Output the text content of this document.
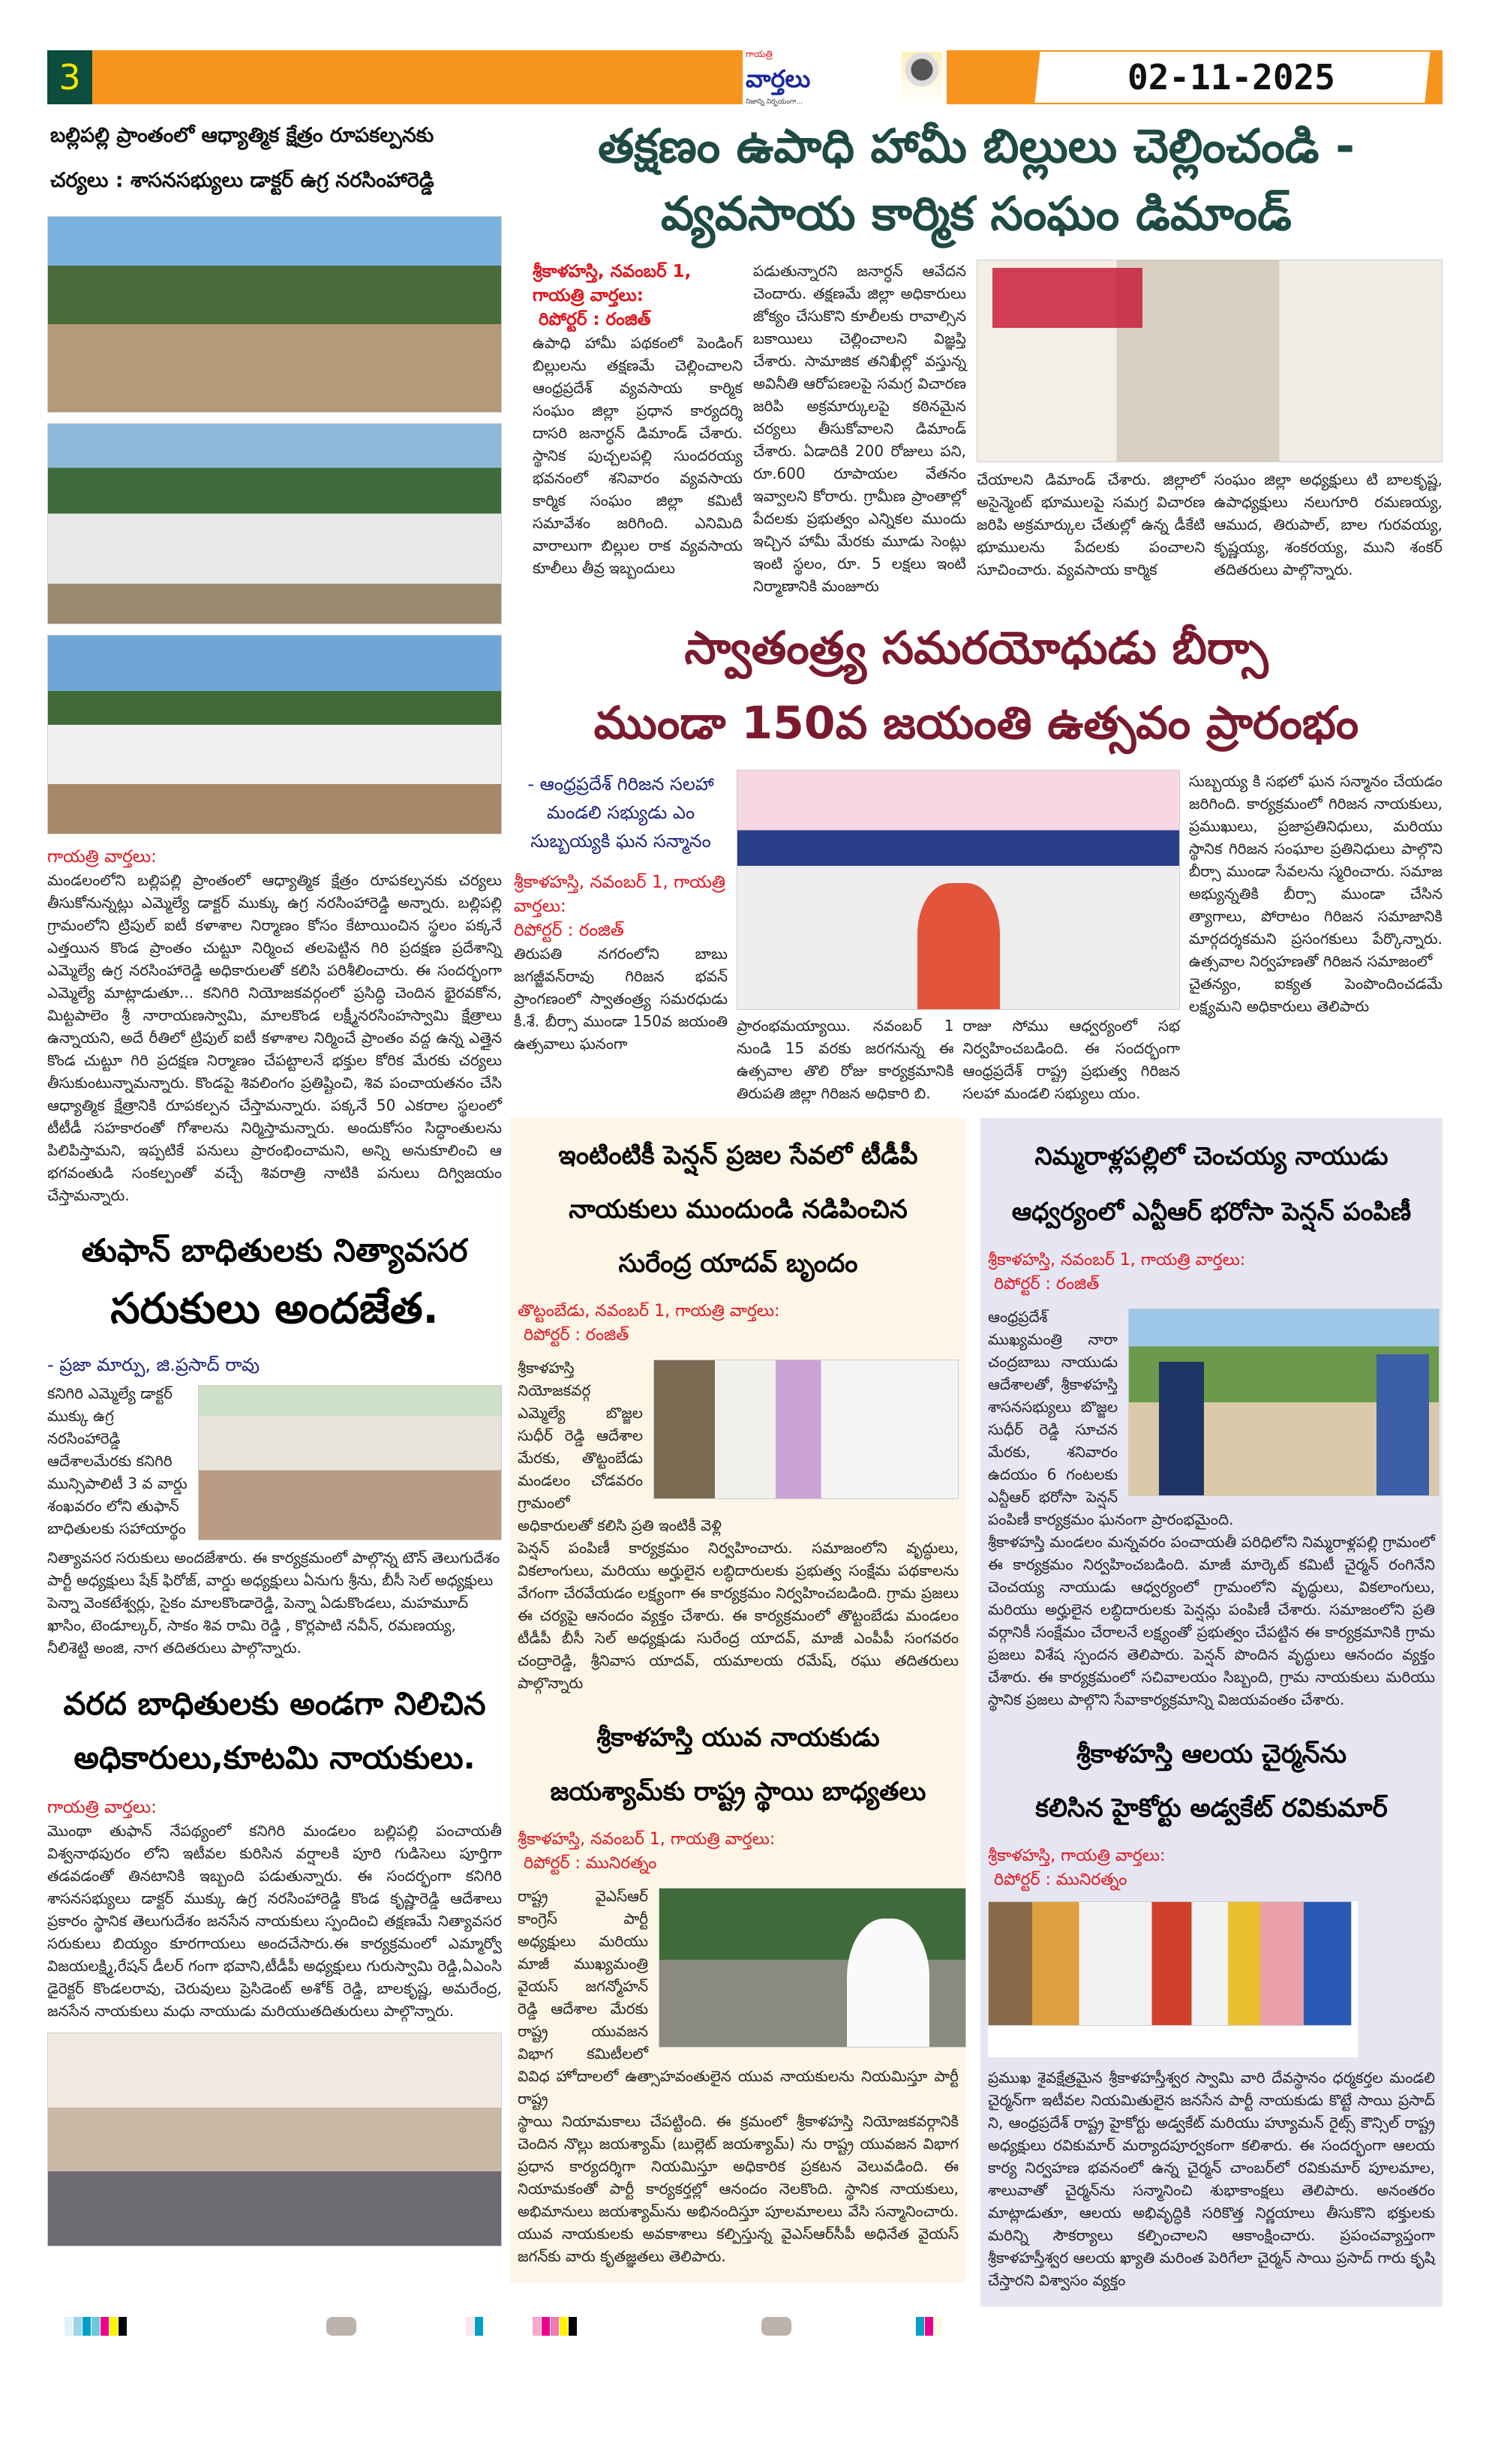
3
గాయత్రి
వార్తలు
నిజాన్ని నిర్భయంగా...
02-11-2025
బల్లిపల్లి ప్రాంతంలో ఆధ్యాత్మిక క్షేత్రం రూపకల్పనకు
చర్యలు : శాసనసభ్యులు డాక్టర్ ఉగ్ర నరసింహారెడ్డి
గాయత్రి వార్తలు:
మండలంలోని బల్లిపల్లి ప్రాంతంలో ఆధ్యాత్మిక క్షేత్రం రూపకల్పనకు చర్యలు తీసుకోనున్నట్లు ఎమ్మెల్యే డాక్టర్ ముక్కు ఉగ్ర నరసింహారెడ్డి అన్నారు. బల్లిపల్లి గ్రామంలోని ట్రిపుల్ ఐటీ కళాశాల నిర్మాణం కోసం కేటాయించిన స్థలం పక్కనే ఎత్తయిన కొండ ప్రాంతం చుట్టూ నిర్మించ తలపెట్టిన గిరి ప్రదక్షణ ప్రదేశాన్ని ఎమ్మెల్యే ఉగ్ర నరసింహారెడ్డి అధికారులతో కలిసి పరిశీలించారు. ఈ సందర్భంగా ఎమ్మెల్యే మాట్లాడుతూ... కనిగిరి నియోజకవర్గంలో ప్రసిద్ధి చెందిన భైరవకోన, మిట్టపాలెం శ్రీ నారాయణస్వామి, మాలకొండ లక్ష్మీనరసింహస్వామి క్షేత్రాలు ఉన్నాయని, అదే రీతిలో ట్రిపుల్ ఐటీ కళాశాల నిర్మించే ప్రాంతం వద్ద ఉన్న ఎత్తైన కొండ చుట్టూ గిరి ప్రదక్షణ నిర్మాణం చేపట్టాలనే భక్తుల కోరిక మేరకు చర్యలు తీసుకుంటున్నామన్నారు. కొండపై శివలింగం ప్రతిష్టించి, శివ పంచాయతనం చేసి ఆధ్యాత్మిక క్షేత్రానికి రూపకల్పన చేస్తామన్నారు. పక్కనే 50 ఎకరాల స్థలంలో టీటీడీ సహకారంతో గోశాలను నిర్మిస్తామన్నారు. అందుకోసం సిద్ధాంతులను పిలిపిస్తామని, ఇప్పటికే పనులు ప్రారంభించామని, అన్ని అనుకూలించి ఆ భగవంతుడి సంకల్పంతో వచ్చే శివరాత్రి నాటికి పనులు దిగ్విజయం చేస్తామన్నారు.
తుఫాన్ బాధితులకు నిత్యావసర
సరుకులు అందజేత.
- ప్రజా మార్పు, జి.ప్రసాద్ రావు
కనిగిరి ఎమ్మెల్యే డాక్టర్ ముక్కు ఉగ్ర నరసింహారెడ్డి ఆదేశాలమేరకు కనిగిరి మున్సిపాలిటీ 3 వ వార్డు శంఖవరం లోని తుఫాన్ బాధితులకు సహాయార్థం
నిత్యావసర సరుకులు అందజేశారు. ఈ కార్యక్రమంలో పాల్గొన్న టౌన్ తెలుగుదేశం పార్టీ అధ్యక్షులు షేక్ ఫిరోజ్, వార్డు అధ్యక్షులు ఏనుగు శ్రీను, బీసీ సెల్ అధ్యక్షులు పెన్నా వెంకటేశ్వర్లు, సైకం మాలకొండారెడ్డి, పెన్నా ఏడుకొండలు, మహమూద్ ఖాసిం, టెండూల్కర్, సాకం శివ రామి రెడ్డి , కొర్లపాటి నవీన్, రమణయ్య, నీలిశెట్టి అంజి, నాగ తదితరులు పాల్గొన్నారు.
వరద బాధితులకు అండగా నిలిచిన
అధికారులు,కూటమి నాయకులు.
గాయత్రి వార్తలు:
మొంథా తుఫాన్ నేపథ్యంలో కనిగిరి మండలం బల్లిపల్లి పంచాయతీ విశ్వనాథపురం లోని ఇటీవల కురిసిన వర్షాలకి పూరి గుడిసెలు పూర్తిగా తడవడంతో తినటానికి ఇబ్బంది పడుతున్నారు. ఈ సందర్భంగా కనిగిరి శాసనసభ్యులు డాక్టర్ ముక్కు ఉగ్ర నరసింహారెడ్డి కొండ కృష్ణారెడ్డి ఆదేశాలు ప్రకారం స్థానిక తెలుగుదేశం జనసేన నాయకులు స్పందించి తక్షణమే నిత్యావసర సరుకులు బియ్యం కూరగాయలు అందచేసారు.ఈ కార్యక్రమంలో ఎమ్మార్వో విజయలక్ష్మి,రేషన్ డీలర్ గంగా భవాని,టీడీపీ అధ్యక్షులు గురుస్వామి రెడ్డి,ఏఎంసి డైరెక్టర్ కొండలరావు, చెరువులు ప్రెసిడెంట్ అశోక్ రెడ్డి, బాలకృష్ణ, అమరేంద్ర, జనసేన నాయకులు మధు నాయుడు మరియుతదితురులు పాల్గొన్నారు.
తక్షణం ఉపాధి హామీ బిల్లులు చెల్లించండి -
వ్యవసాయ కార్మిక సంఘం డిమాండ్
శ్రీకాళహస్తి, నవంబర్ 1, గాయత్రి వార్తలు:
రిపోర్టర్ : రంజిత్
ఉపాధి హామీ పథకంలో పెండింగ్ బిల్లులను తక్షణమే చెల్లించాలని ఆంధ్రప్రదేశ్ వ్యవసాయ కార్మిక సంఘం జిల్లా ప్రధాన కార్యదర్శి దాసరి జనార్ధన్ డిమాండ్ చేశారు. స్థానిక పుచ్చలపల్లి సుందరయ్య భవనంలో శనివారం వ్యవసాయ కార్మిక సంఘం జిల్లా కమిటీ సమావేశం జరిగింది. ఎనిమిది వారాలుగా బిల్లుల రాక వ్యవసాయ కూలీలు తీవ్ర ఇబ్బందులు
పడుతున్నారని జనార్ధన్ ఆవేదన చెందారు. తక్షణమే జిల్లా అధికారులు జోక్యం చేసుకొని కూలీలకు రావాల్సిన బకాయిలు చెల్లించాలని విజ్ఞప్తి చేశారు. సామాజిక తనిఖీల్లో వస్తున్న అవినీతి ఆరోపణలపై సమగ్ర విచారణ జరిపి అక్రమార్కులపై కఠినమైన చర్యలు తీసుకోవాలని డిమాండ్ చేశారు. ఏడాదికి 200 రోజులు పని, రూ.600 రూపాయల వేతనం ఇవ్వాలని కోరారు. గ్రామీణ ప్రాంతాల్లో పేదలకు ప్రభుత్వం ఎన్నికల ముందు ఇచ్చిన హామీ మేరకు మూడు సెంట్లు ఇంటి స్థలం, రూ. 5 లక్షలు ఇంటి నిర్మాణానికి మంజూరు
చేయాలని డిమాండ్ చేశారు. జిల్లాలో అసైన్మెంట్ భూములపై సమగ్ర విచారణ జరిపి అక్రమార్కుల చేతుల్లో ఉన్న డీకేటి భూములను పేదలకు పంచాలని సూచించారు. వ్యవసాయ కార్మిక
సంఘం జిల్లా అధ్యక్షులు టి బాలకృష్ణ, ఉపాధ్యక్షులు నలుగూరి రమణయ్య, ఆముద, తిరుపాల్, బాల గురవయ్య, కృష్ణయ్య, శంకరయ్య, ముని శంకర్ తదితరులు పాల్గొన్నారు.
స్వాతంత్ర్య సమరయోధుడు బీర్సా
ముండా 150వ జయంతి ఉత్సవం ప్రారంభం
- ఆంధ్రప్రదేశ్ గిరిజన సలహా మండలి సభ్యుడు ఎం సుబ్బయ్యకి ఘన సన్మానం
శ్రీకాళహస్తి, నవంబర్ 1, గాయత్రి వార్తలు:
రిపోర్టర్ : రంజిత్
తిరుపతి నగరంలోని బాబు జగజ్జీవన్‌రావు గిరిజన భవన్ ప్రాంగణంలో స్వాతంత్ర్య సమరధుడు కీ.శే. బీర్సా ముండా 150వ జయంతి ఉత్సవాలు ఘనంగా
ప్రారంభమయ్యాయి. నవంబర్ 1 నుండి 15 వరకు జరగనున్న ఈ ఉత్సవాల తొలి రోజు కార్యక్రమానికి తిరుపతి జిల్లా గిరిజన అధికారి బి.
రాజు సోము ఆధ్వర్యంలో సభ నిర్వహించబడింది. ఈ సందర్భంగా ఆంధ్రప్రదేశ్ రాష్ట్ర ప్రభుత్వ గిరిజన సలహా మండలి సభ్యులు యం.
సుబ్బయ్య కి సభలో ఘన సన్మానం చేయడం జరిగింది. కార్యక్రమంలో గిరిజన నాయకులు, ప్రముఖులు, ప్రజాప్రతినిధులు, మరియు స్థానిక గిరిజన సంఘాల ప్రతినిధులు పాల్గొని బీర్సా ముండా సేవలను స్మరించారు. సమాజ అభ్యున్నతికి బీర్సా ముండా చేసిన త్యాగాలు, పోరాటం గిరిజన సమాజానికి మార్గదర్శకమని ప్రసంగకులు పేర్కొన్నారు. ఉత్సవాల నిర్వహణతో గిరిజన సమాజంలో
చైతన్యం, ఐక్యత పెంపొందించడమే లక్ష్యమని అధికారులు తెలిపారు
ఇంటింటికీ పెన్షన్ ప్రజల సేవలో టీడీపీ
నాయకులు ముందుండి నడిపించిన
సురేంద్ర యాదవ్ బృందం
తొట్టంబేడు, నవంబర్ 1, గాయత్రి వార్తలు:
రిపోర్టర్ : రంజిత్
శ్రీకాళహస్తి నియోజకవర్గ ఎమ్మెల్యే బొజ్జల సుధీర్ రెడ్డి ఆదేశాల మేరకు, తొట్టంబేడు మండలం చోడవరం గ్రామంలో అధికారులతో కలిసి ప్రతి ఇంటికీ వెళ్లి
పెన్షన్ పంపిణీ కార్యక్రమం నిర్వహించారు. సమాజంలోని వృద్ధులు, వికలాంగులు, మరియు అర్హులైన లబ్ధిదారులకు ప్రభుత్వ సంక్షేమ పథకాలను వేగంగా చేరవేయడం లక్ష్యంగా ఈ కార్యక్రమం నిర్వహించబడింది. గ్రామ ప్రజలు ఈ చర్యపై ఆనందం వ్యక్తం చేశారు. ఈ కార్యక్రమంలో తొట్టంబేడు మండలం టీడీపీ బీసీ సెల్ అధ్యక్షుడు సురేంద్ర యాదవ్, మాజీ ఎంపీపీ సంగవరం చంద్రారెడ్డి, శ్రీనివాస యాదవ్, యమాలయ రమేష్, రఘు తదితరులు పాల్గొన్నారు
శ్రీకాళహస్తి యువ నాయకుడు
జయశ్యామ్‌కు రాష్ట్ర స్థాయి బాధ్యతలు
శ్రీకాళహస్తి, నవంబర్ 1, గాయత్రి వార్తలు:
రిపోర్టర్ : మునిరత్నం
రాష్ట్ర వైఎస్ఆర్ కాంగ్రెస్ పార్టీ అధ్యక్షులు మరియు మాజీ ముఖ్యమంత్రి వైయస్ జగన్మోహన్ రెడ్డి ఆదేశాల మేరకు రాష్ట్ర యువజన విభాగ కమిటీలలో వివిధ హోదాలలో ఉత్సాహవంతులైన యువ నాయకులను నియమిస్తూ పార్టీ రాష్ట్ర
స్థాయి నియామకాలు చేపట్టింది. ఈ క్రమంలో శ్రీకాళహస్తి నియోజకవర్గానికి చెందిన నొల్లు జయశ్యామ్ (బుల్లెట్ జయశ్యామ్) ను రాష్ట్ర యువజన విభాగ ప్రధాన కార్యదర్శిగా నియమిస్తూ అధికారిక ప్రకటన వెలువడింది. ఈ నియామకంతో పార్టీ కార్యకర్తల్లో ఆనందం నెలకొంది. స్థానిక నాయకులు, అభిమానులు జయశ్యామ్‌ను అభినందిస్తూ పూలమాలలు వేసి సన్మానించారు. యువ నాయకులకు అవకాశాలు కల్పిస్తున్న వైఎస్ఆర్‌సీపీ అధినేత వైయస్ జగన్‌కు వారు కృతజ్ఞతలు తెలిపారు.
నిమ్మరాళ్లపల్లిలో చెంచయ్య నాయుడు
ఆధ్వర్యంలో ఎన్టీఆర్ భరోసా పెన్షన్ పంపిణీ
శ్రీకాళహస్తి, నవంబర్ 1, గాయత్రి వార్తలు:
రిపోర్టర్ : రంజిత్
ఆంధ్రప్రదేశ్ ముఖ్యమంత్రి నారా చంద్రబాబు నాయుడు ఆదేశాలతో, శ్రీకాళహస్తి శాసనసభ్యులు బొజ్జల సుధీర్ రెడ్డి సూచన మేరకు, శనివారం ఉదయం 6 గంటలకు ఎన్టీఆర్ భరోసా పెన్షన్ పంపిణీ కార్యక్రమం ఘనంగా ప్రారంభమైంది.
శ్రీకాళహస్తి మండలం మన్నవరం పంచాయతీ పరిధిలోని నిమ్మరాళ్లపల్లి గ్రామంలో ఈ కార్యక్రమం నిర్వహించబడింది. మాజీ మార్కెట్ కమిటీ చైర్మన్ రంగినేని చెంచయ్య నాయుడు ఆధ్వర్యంలో గ్రామంలోని వృద్ధులు, వికలాంగులు, మరియు అర్హులైన లబ్ధిదారులకు పెన్షన్లు పంపిణీ చేశారు. సమాజంలోని ప్రతి వర్గానికీ సంక్షేమం చేరాలనే లక్ష్యంతో ప్రభుత్వం చేపట్టిన ఈ కార్యక్రమానికి గ్రామ ప్రజలు విశేష స్పందన తెలిపారు. పెన్షన్ పొందిన వృద్ధులు ఆనందం వ్యక్తం చేశారు. ఈ కార్యక్రమంలో సచివాలయం సిబ్బంది, గ్రామ నాయకులు మరియు స్థానిక ప్రజలు పాల్గొని సేవాకార్యక్రమాన్ని విజయవంతం చేశారు.
శ్రీకాళహస్తి ఆలయ చైర్మన్‌ను
కలిసిన హైకోర్టు అడ్వకేట్ రవికుమార్
శ్రీకాళహస్తి, గాయత్రి వార్తలు:
రిపోర్టర్ : మునిరత్నం
ప్రముఖ శైవక్షేత్రమైన శ్రీకాళహస్తీశ్వర స్వామి వారి దేవస్థానం ధర్మకర్తల మండలి చైర్మన్‌గా ఇటీవల నియమితులైన జనసేన పార్టీ నాయకుడు కొట్టే సాయి ప్రసాద్ ని, ఆంధ్రప్రదేశ్ రాష్ట్ర హైకోర్టు అడ్వకేట్ మరియు హ్యూమన్ రైట్స్ కౌన్సిల్ రాష్ట్ర అధ్యక్షులు రవికుమార్ మర్యాదపూర్వకంగా కలిశారు. ఈ సందర్భంగా ఆలయ కార్య నిర్వహణ భవనంలో ఉన్న చైర్మన్ చాంబర్‌లో రవికుమార్ పూలమాల, శాలువాతో చైర్మన్‌ను సన్మానించి శుభాకాంక్షలు తెలిపారు. అనంతరం మాట్లాడుతూ, ఆలయ అభివృద్ధికి సరికొత్త నిర్ణయాలు తీసుకొని భక్తులకు మరిన్ని సౌకర్యాలు కల్పించాలని ఆకాంక్షించారు. ప్రపంచవ్యాప్తంగా శ్రీకాళహస్తీశ్వర ఆలయ ఖ్యాతి మరింత పెరిగేలా చైర్మన్ సాయి ప్రసాద్ గారు కృషి చేస్తారని విశ్వాసం వ్యక్తం
